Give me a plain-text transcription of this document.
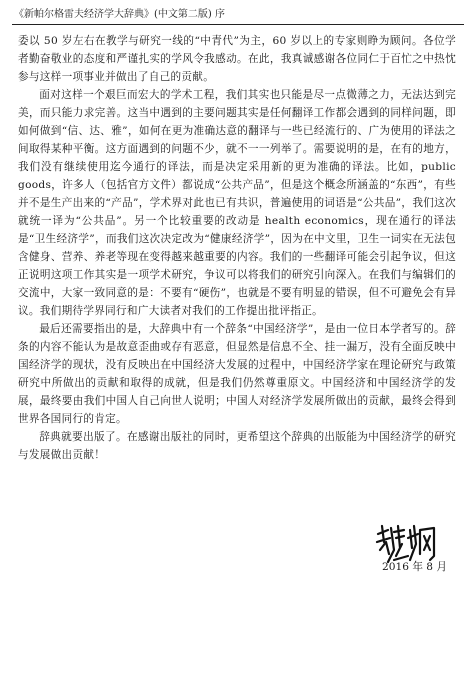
《新帕尔格雷夫经济学大辞典》(中文第二版) 序

委以 50 岁左右在教学与研究一线的“中青代”为主，60 岁以上的专家则睁为顾问。各位学者勤奋敬业的态度和严谨扎实的学风令我感动。在此，我真诚感谢各位同仁于百忙之中热忱参与这样一项事业并做出了自己的贡献。

面对这样一个艰巨而宏大的学术工程，我们其实也只能是尽一点微薄之力，无法达到完美，而只能力求完善。这当中遇到的主要问题其实是任何翻译工作都会遇到的同样问题，即如何做到“信、达、雅”，如何在更为准确达意的翻译与一些已经流行的、广为使用的译法之间取得某种平衡。这方面遇到的问题不少，就不一一列举了。需要说明的是，在有的地方，我们没有继续使用迄今通行的译法，而是决定采用新的更为准确的译法。比如，public goods，许多人（包括官方文件）都说成“公共产品”，但是这个概念所涵盖的“东西”，有些并不是生产出来的“产品”，学术界对此也已有共识，普遍使用的词语是“公共品”，我们这次就统一译为“公共品”。另一个比较重要的改动是 health economics，现在通行的译法是“卫生经济学”，而我们这次决定改为“健康经济学”，因为在中文里，卫生一词实在无法包含健身、营养、养老等现在变得越来越重要的内容。我们的一些翻译可能会引起争议，但这正说明这项工作其实是一项学术研究，争议可以将我们的研究引向深入。在我们与编辑们的交流中，大家一致同意的是：不要有“硬伤”，也就是不要有明显的错误，但不可避免会有异议。我们期待学界同行和广大读者对我们的工作提出批评指正。

最后还需要指出的是，大辞典中有一个辞条“中国经济学”，是由一位日本学者写的。辞条的内容不能认为是故意歪曲或存有恶意，但显然是信息不全、挂一漏万，没有全面反映中国经济学的现状，没有反映出在中国经济大发展的过程中，中国经济学家在理论研究与政策研究中所做出的贡献和取得的成就，但是我们仍然尊重原文。中国经济和中国经济学的发展，最终要由我们中国人自己向世人说明；中国人对经济学发展所做出的贡献，最终会得到世界各国同行的肯定。

辞典就要出版了。在感谢出版社的同时，更希望这个辞典的出版能为中国经济学的研究与发展做出贡献！

2016 年 8 月
